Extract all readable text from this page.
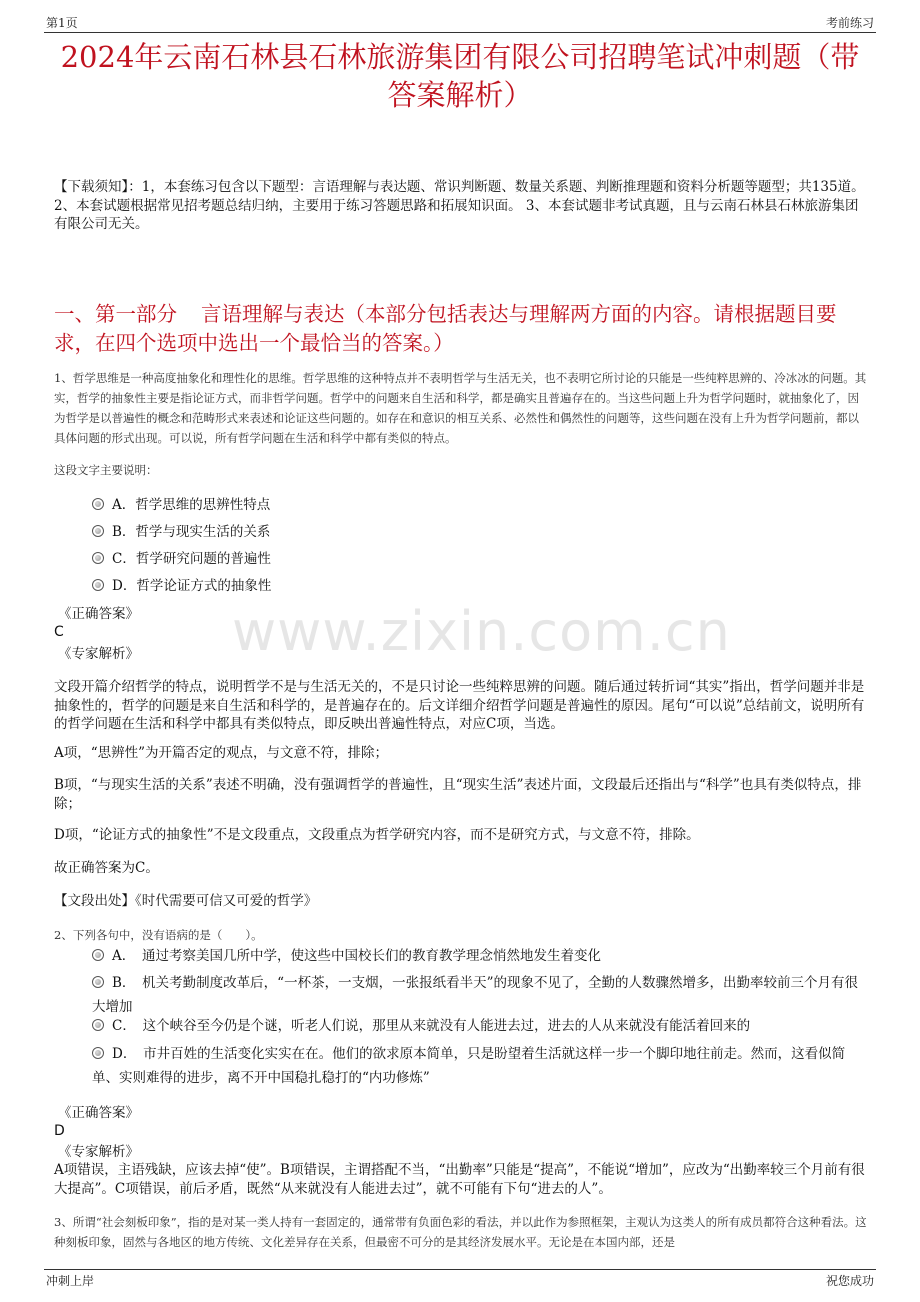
第1页	考前练习
2024年云南石林县石林旅游集团有限公司招聘笔试冲刺题（带答案解析）
【下载须知】：1，本套练习包含以下题型：言语理解与表达题、常识判断题、数量关系题、判断推理题和资料分析题等题型；共135道。 2、本套试题根据常见招考题总结归纳，主要用于练习答题思路和拓展知识面。 3、本套试题非考试真题，且与云南石林县石林旅游集团有限公司无关。
一、第一部分 言语理解与表达（本部分包括表达与理解两方面的内容。请根据题目要求，在四个选项中选出一个最恰当的答案。）
www.zixin.com.cn
1、哲学思维是一种高度抽象化和理性化的思维。哲学思维的这种特点并不表明哲学与生活无关，也不表明它所讨论的只能是一些纯粹思辨的、冷冰冰的问题。其实，哲学的抽象性主要是指论证方式，而非哲学问题。哲学中的问题来自生活和科学，都是确实且普遍存在的。当这些问题上升为哲学问题时，就抽象化了，因为哲学是以普遍性的概念和范畴形式来表述和论证这些问题的。如存在和意识的相互关系、必然性和偶然性的问题等，这些问题在没有上升为哲学问题前，都以具体问题的形式出现。可以说，所有哲学问题在生活和科学中都有类似的特点。
这段文字主要说明：
A．哲学思维的思辨性特点
B．哲学与现实生活的关系
C．哲学研究问题的普遍性
D．哲学论证方式的抽象性
《正确答案》
C
《专家解析》
文段开篇介绍哲学的特点，说明哲学不是与生活无关的，不是只讨论一些纯粹思辨的问题。随后通过转折词“其实”指出，哲学问题并非是抽象性的，哲学的问题是来自生活和科学的，是普遍存在的。后文详细介绍哲学问题是普遍性的原因。尾句“可以说”总结前文，说明所有的哲学问题在生活和科学中都具有类似特点，即反映出普遍性特点，对应C项，当选。
A项，“思辨性”为开篇否定的观点，与文意不符，排除；
B项，“与现实生活的关系”表述不明确，没有强调哲学的普遍性，且“现实生活”表述片面，文段最后还指出与“科学”也具有类似特点，排除；
D项，“论证方式的抽象性”不是文段重点，文段重点为哲学研究内容，而不是研究方式，与文意不符，排除。
故正确答案为C。
【文段出处】《时代需要可信又可爱的哲学》
2、下列各句中，没有语病的是（　　）。
A．　通过考察美国几所中学，使这些中国校长们的教育教学理念悄然地发生着变化
B．　机关考勤制度改革后，“一杯茶，一支烟，一张报纸看半天”的现象不见了，全勤的人数骤然增多，出勤率较前三个月有很大增加
C．　这个峡谷至今仍是个谜，听老人们说，那里从来就没有人能进去过，进去的人从来就没有能活着回来的
D．　市井百姓的生活变化实实在在。他们的欲求原本简单，只是盼望着生活就这样一步一个脚印地往前走。然而，这看似简单、实则难得的进步，离不开中国稳扎稳打的“内功修炼”
《正确答案》
D
《专家解析》
A项错误，主语残缺，应该去掉“使”。B项错误，主谓搭配不当，“出勤率”只能是“提高”，不能说“增加”，应改为“出勤率较三个月前有很大提高”。C项错误，前后矛盾，既然“从来就没有人能进去过”，就不可能有下句“进去的人”。
3、所谓“社会刻板印象”，指的是对某一类人持有一套固定的，通常带有负面色彩的看法，并以此作为参照框架，主观认为这类人的所有成员都符合这种看法。这种刻板印象，固然与各地区的地方传统、文化差异存在关系，但最密不可分的是其经济发展水平。无论是在本国内部，还是
冲刺上岸	祝您成功
